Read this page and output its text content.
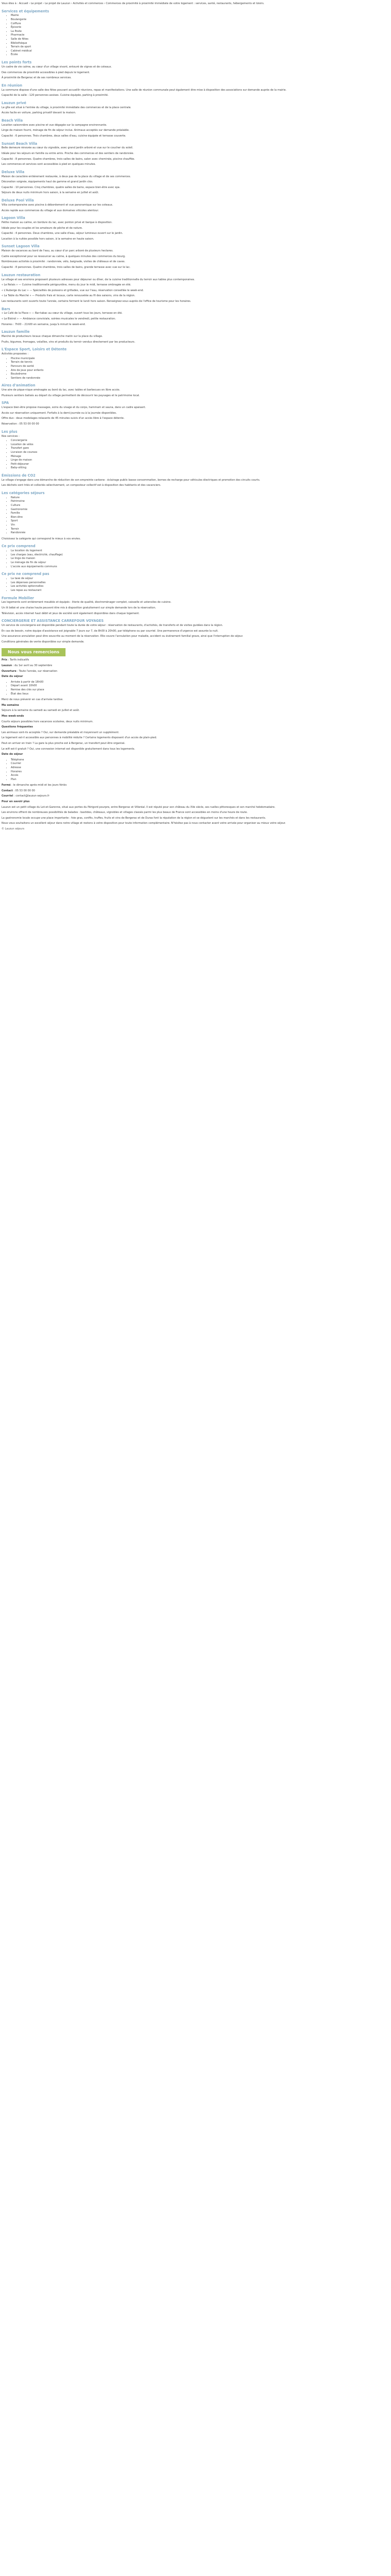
Vous êtes à : Accueil › Le projet › Le projet de Lauzun › Activités et commerces › Commerces de proximité à proximité immédiate de votre logement : services, santé, restaurants, hébergements et loisirs.

Services et équipements
• Mairie
• Boulangerie
• Coiffure
• Épicerie
• La Poste
• Pharmacie
• Salle de fêtes
• Bibliothèque
• Terrain de sport
• Cabinet médical
• École
Les points forts

Un cadre de vie calme, au cœur d'un village vivant, entouré de vignes et de coteaux.

Des commerces de proximité accessibles à pied depuis le logement.

À proximité de Bergerac et de ses nombreux services.

En réunion

La commune dispose d'une salle des fêtes pouvant accueillir réunions, repas et manifestations. Une salle de réunion communale peut également être mise à disposition des associations sur demande auprès de la mairie.

Capacité de la salle : 120 personnes assises. Cuisine équipée, parking à proximité.

Lauzun privé

Le gîte est situé à l'entrée du village, à proximité immédiate des commerces et de la place centrale.

Accès facile en voiture, parking privatif devant la maison.

Beach Villa

Location saisonnière avec piscine et vue dégagée sur la campagne environnante.

Linge de maison fourni, ménage de fin de séjour inclus. Animaux acceptés sur demande préalable.

Capacité : 6 personnes. Trois chambres, deux salles d'eau, cuisine équipée et terrasse couverte.

Sunset Beach Villa

Belle demeure rénovée au cœur du vignoble, avec grand jardin arboré et vue sur le coucher du soleil.

Idéale pour les séjours en famille ou entre amis. Proche des commerces et des sentiers de randonnée.

Capacité : 8 personnes. Quatre chambres, trois salles de bains, salon avec cheminée, piscine chauffée.

Les commerces et services sont accessibles à pied en quelques minutes.

Deluxe Villa

Maison de caractère entièrement restaurée, à deux pas de la place du village et de ses commerces.

Décoration soignée, équipements haut de gamme et grand jardin clos.

Capacité : 10 personnes. Cinq chambres, quatre salles de bains, espace bien-être avec spa.

Séjours de deux nuits minimum hors saison, à la semaine en juillet et août.

Deluxe Pool Villa

Villa contemporaine avec piscine à débordement et vue panoramique sur les coteaux.

Accès rapide aux commerces du village et aux domaines viticoles alentour.

Lagoon Villa

Petite maison au calme, en bordure du lac, avec ponton privé et barque à disposition.

Idéale pour les couples et les amateurs de pêche et de nature.

Capacité : 4 personnes. Deux chambres, une salle d'eau, séjour lumineux ouvert sur le jardin.

Location à la nuitée possible hors saison, à la semaine en haute saison.

Sunset Lagoon Villa

Maison de vacances au bord de l'eau, au cœur d'un parc arboré de plusieurs hectares.

Cadre exceptionnel pour se ressourcer au calme, à quelques minutes des commerces du bourg.

Nombreuses activités à proximité : randonnée, vélo, baignade, visites de châteaux et de caves.

Capacité : 8 personnes. Quatre chambres, trois salles de bains, grande terrasse avec vue sur le lac.

Lauzun restauration

Le village et ses environs proposent plusieurs adresses pour déjeuner ou dîner, de la cuisine traditionnelle du terroir aux tables plus contemporaines.

« Le Relais » — Cuisine traditionnelle périgourdine, menu du jour le midi, terrasse ombragée en été.

« L'Auberge du Lac » — Spécialités de poissons et grillades, vue sur l'eau, réservation conseillée le week-end.

« La Table du Marché » — Produits frais et locaux, carte renouvelée au fil des saisons, vins de la région.

Les restaurants sont ouverts toute l'année, certains ferment le lundi hors saison. Renseignez-vous auprès de l'office de tourisme pour les horaires.

Bars

« Le Café de la Place » — Bar-tabac au cœur du village, ouvert tous les jours, terrasse en été.

« Le Bistrot » — Ambiance conviviale, soirées musicales le vendredi, petite restauration.

Horaires : 7h00 – 21h00 en semaine, jusqu'à minuit le week-end.

Lauzun famille

Marché de producteurs locaux chaque dimanche matin sur la place du village.

Fruits, légumes, fromages, volailles, vins et produits du terroir vendus directement par les producteurs.

L'Espace Sport, Loisirs et Détente

Activités proposées :

• Piscine municipale
• Terrain de tennis
• Parcours de santé
• Aire de jeux pour enfants
• Boulodrome
• Sentiers de randonnée
Aires d'animation

Une aire de pique-nique aménagée au bord du lac, avec tables et barbecues en libre accès.

Plusieurs sentiers balisés au départ du village permettent de découvrir les paysages et le patrimoine local.

SPA

L'espace bien-être propose massages, soins du visage et du corps, hammam et sauna, dans un cadre apaisant.

Accès sur réservation uniquement. Forfaits à la demi-journée ou à la journée disponibles.

Offre duo : deux modelages relaxants de 45 minutes suivis d'un accès libre à l'espace détente.

Réservation : 05 53 00 00 00

Les plus

Nos services :

• Conciergerie
• Location de vélos
• Transfert gare
• Livraison de courses
• Ménage
• Linge de maison
• Petit-déjeuner
• Baby-sitting
Émissions de CO2

Le village s'engage dans une démarche de réduction de son empreinte carbone : éclairage public basse consommation, bornes de recharge pour véhicules électriques et promotion des circuits courts.

Les déchets sont triés et collectés sélectivement, un composteur collectif est à disposition des habitants et des vacanciers.

Les catégories séjours
• Nature
• Patrimoine
• Culture
• Gastronomie
• Famille
• Bien-être
• Sport
• Vin
• Terroir
• Randonnée

Choisissez la catégorie qui correspond le mieux à vos envies.

Ce prix comprend
• La location du logement
• Les charges (eau, électricité, chauffage)
• Le linge de maison
• Le ménage de fin de séjour
• L'accès aux équipements communs
Ce prix ne comprend pas
• La taxe de séjour
• Les dépenses personnelles
• Les activités optionnelles
• Les repas au restaurant
Formule Mobilier

Les logements sont entièrement meublés et équipés : literie de qualité, électroménager complet, vaisselle et ustensiles de cuisine.

Un lit bébé et une chaise haute peuvent être mis à disposition gratuitement sur simple demande lors de la réservation.

Télévision, accès internet haut débit et jeux de société sont également disponibles dans chaque logement.

CONCIERGERIE ET ASSISTANCE CARREFOUR VOYAGES

Un service de conciergerie est disponible pendant toute la durée de votre séjour : réservation de restaurants, d'activités, de transferts et de visites guidées dans la région.

En cas de besoin, notre équipe d'assistance est joignable 7 jours sur 7, de 8h00 à 20h00, par téléphone ou par courriel. Une permanence d'urgence est assurée la nuit.

Une assurance annulation peut être souscrite au moment de la réservation. Elle couvre l'annulation pour maladie, accident ou événement familial grave, ainsi que l'interruption de séjour.

Conditions générales de vente disponibles sur simple demande.

Nous vous remercions

Prix : Tarifs indicatifs

Lauzun : du 1er avril au 30 septembre

Ouverture : Toute l'année, sur réservation

Date du séjour

• Arrivée à partir de 16h00
• Départ avant 10h00
• Remise des clés sur place
• État des lieux

Merci de nous prévenir en cas d'arrivée tardive.

Ma semaine

Séjours à la semaine du samedi au samedi en juillet et août.

Mes week-ends

Courts séjours possibles hors vacances scolaires, deux nuits minimum.

Questions fréquentes

Les animaux sont-ils acceptés ? Oui, sur demande préalable et moyennant un supplément.

Le logement est-il accessible aux personnes à mobilité réduite ? Certains logements disposent d'un accès de plain-pied.

Peut-on arriver en train ? La gare la plus proche est à Bergerac, un transfert peut être organisé.

Le wifi est-il gratuit ? Oui, une connexion internet est disponible gratuitement dans tous les logements.

Date de séjour

• Téléphone
• Courriel
• Adresse
• Horaires
• Accès
• Plan

Fermé : le dimanche après-midi et les jours fériés

Contact : 05 53 00 00 00

Courriel : contact@lauzun-sejours.fr

Pour en savoir plus

Lauzun est un petit village du Lot-et-Garonne, situé aux portes du Périgord pourpre, entre Bergerac et Villeréal. Il est réputé pour son château du XVe siècle, ses ruelles pittoresques et son marché hebdomadaire.

Les environs offrent de nombreuses possibilités de balades : bastides, châteaux, vignobles et villages classés parmi les plus beaux de France sont accessibles en moins d'une heure de route.

La gastronomie locale occupe une place importante : foie gras, confits, truffes, fruits et vins de Bergerac et de Duras font la réputation de la région et se dégustent sur les marchés et dans les restaurants.

Nous vous souhaitons un excellent séjour dans notre village et restons à votre disposition pour toute information complémentaire. N'hésitez pas à nous contacter avant votre arrivée pour organiser au mieux votre séjour.

© Lauzun séjours
